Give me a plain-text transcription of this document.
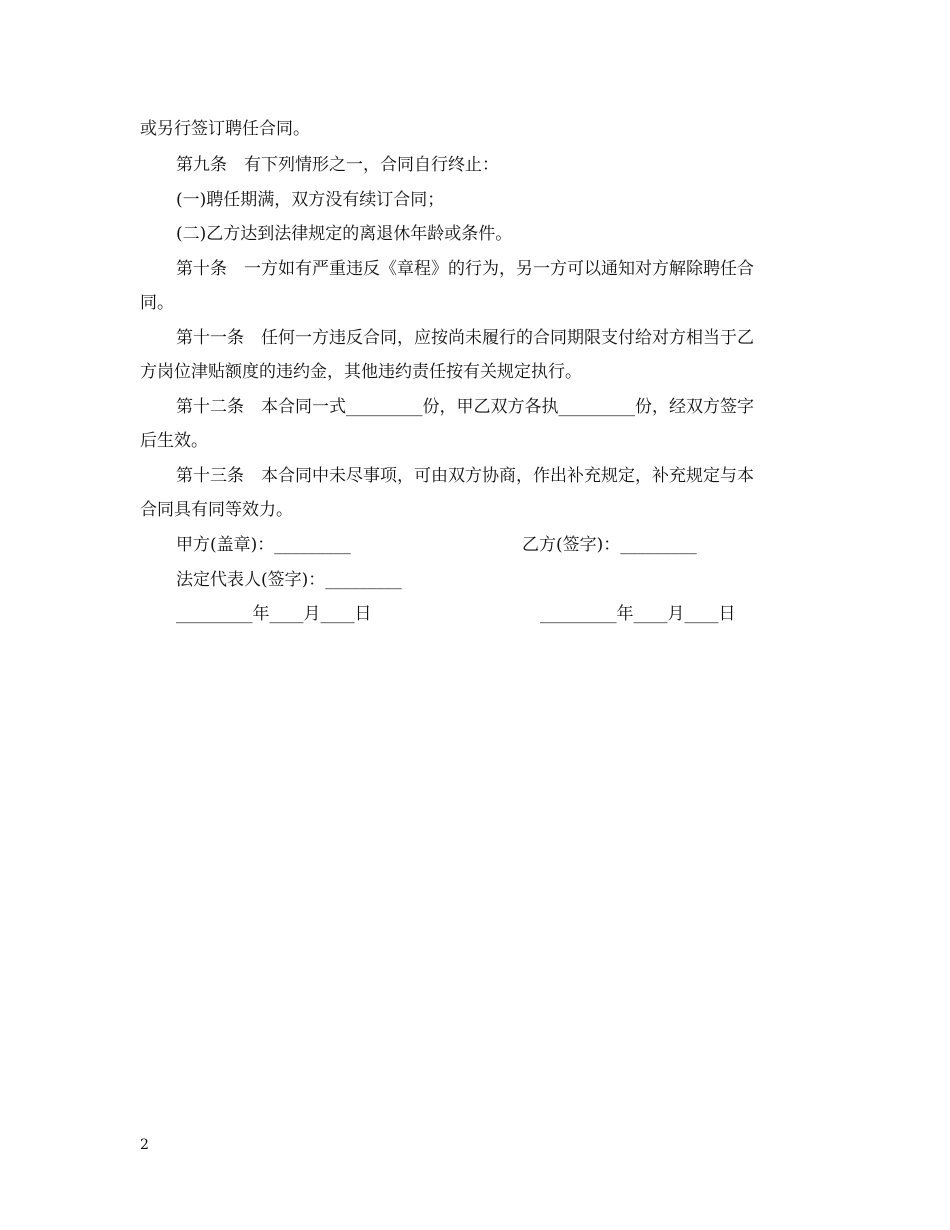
或另行签订聘任合同。
第九条　有下列情形之一，合同自行终止：
(一)聘任期满，双方没有续订合同；
(二)乙方达到法律规定的离退休年龄或条件。
第十条　一方如有严重违反《章程》的行为，另一方可以通知对方解除聘任合
同。
第十一条　任何一方违反合同，应按尚未履行的合同期限支付给对方相当于乙
方岗位津贴额度的违约金，其他违约责任按有关规定执行。
第十二条　本合同一式_________份，甲乙双方各执_________份，经双方签字
后生效。
第十三条　本合同中未尽事项，可由双方协商，作出补充规定，补充规定与本
合同具有同等效力。
甲方(盖章)：_________	乙方(签字)：_________
法定代表人(签字)：_________
_________年____月____日	_________年____月____日
2
